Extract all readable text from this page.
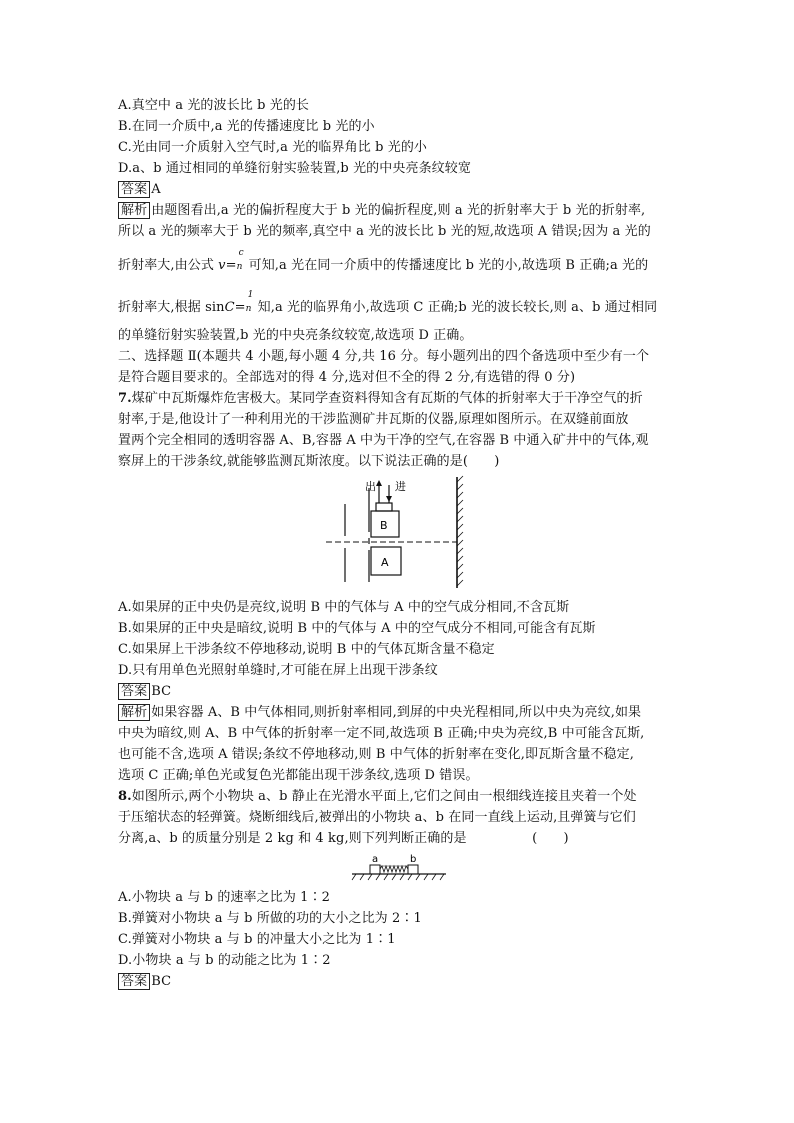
A.真空中 a 光的波长比 b 光的长
B.在同一介质中,a 光的传播速度比 b 光的小
C.光由同一介质射入空气时,a 光的临界角比 b 光的小
D.a、b 通过相同的单缝衍射实验装置,b 光的中央亮条纹较宽
答案 A
解析 由题图看出,a 光的偏折程度大于 b 光的偏折程度,则 a 光的折射率大于 b 光的折射率,
所以 a 光的频率大于 b 光的频率,真空中 a 光的波长比 b 光的短,故选项 A 错误;因为 a 光的
折射率大,由公式 v=
c
n 可知,a 光在同一介质中的传播速度比 b 光的小,故选项 B 正确;a 光的
折射率大,根据 sinC=
1
n 知,a 光的临界角小,故选项 C 正确;b 光的波长较长,则 a、b 通过相同
的单缝衍射实验装置,b 光的中央亮条纹较宽,故选项 D 正确。
二、选择题 Ⅱ(本题共 4 小题,每小题 4 分,共 16 分。每小题列出的四个备选项中至少有一个
是符合题目要求的。全部选对的得 4 分,选对但不全的得 2 分,有选错的得 0 分)
7.煤矿中瓦斯爆炸危害极大。某同学查资料得知含有瓦斯的气体的折射率大于干净空气的折
射率,于是,他设计了一种利用光的干涉监测矿井瓦斯的仪器,原理如图所示。在双缝前面放
置两个完全相同的透明容器 A、B,容器 A 中为干净的空气,在容器 B 中通入矿井中的气体,观
察屏上的干涉条纹,就能够监测瓦斯浓度。以下说法正确的是(　　)
出 进
B
A
A.如果屏的正中央仍是亮纹,说明 B 中的气体与 A 中的空气成分相同,不含瓦斯
B.如果屏的正中央是暗纹,说明 B 中的气体与 A 中的空气成分不相同,可能含有瓦斯
C.如果屏上干涉条纹不停地移动,说明 B 中的气体瓦斯含量不稳定
D.只有用单色光照射单缝时,才可能在屏上出现干涉条纹
答案 BC
解析 如果容器 A、B 中气体相同,则折射率相同,到屏的中央光程相同,所以中央为亮纹,如果
中央为暗纹,则 A、B 中气体的折射率一定不同,故选项 B 正确;中央为亮纹,B 中可能含瓦斯,
也可能不含,选项 A 错误;条纹不停地移动,则 B 中气体的折射率在变化,即瓦斯含量不稳定,
选项 C 正确;单色光或复色光都能出现干涉条纹,选项 D 错误。
8.如图所示,两个小物块 a、b 静止在光滑水平面上,它们之间由一根细线连接且夹着一个处
于压缩状态的轻弹簧。烧断细线后,被弹出的小物块 a、b 在同一直线上运动,且弹簧与它们
分离,a、b 的质量分别是 2 kg 和 4 kg,则下列判断正确的是　　　　　(　　)
a	b
A.小物块 a 与 b 的速率之比为 1∶2
B.弹簧对小物块 a 与 b 所做的功的大小之比为 2∶1
C.弹簧对小物块 a 与 b 的冲量大小之比为 1∶1
D.小物块 a 与 b 的动能之比为 1∶2
答案 BC
